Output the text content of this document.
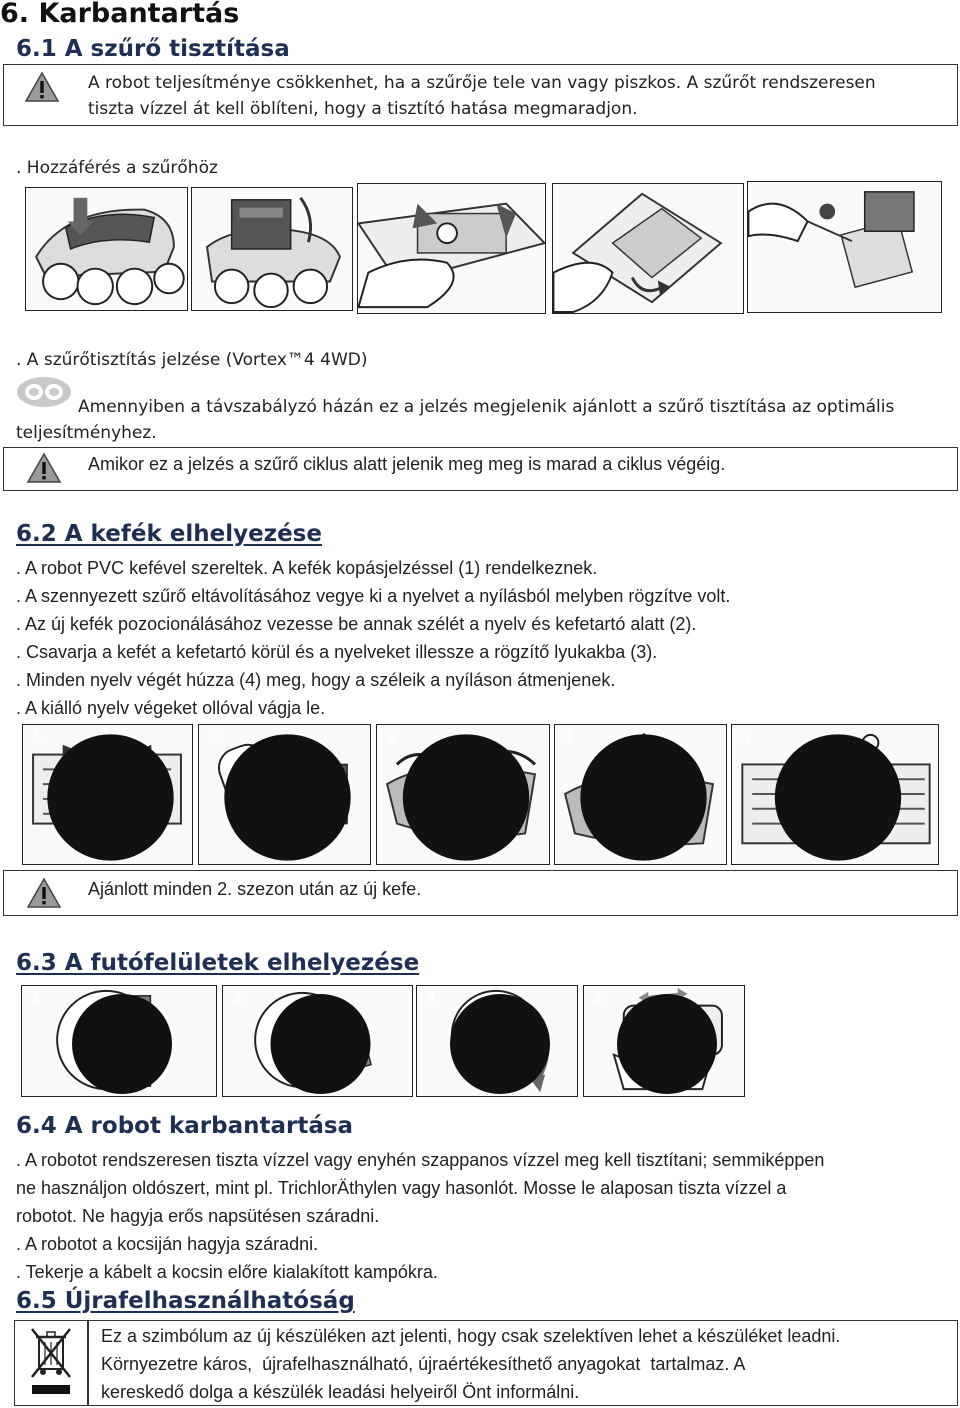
6. Karbantartás
6.1 A szűrő tisztítása
A robot teljesítménye csökkenhet, ha a szűrője tele van vagy piszkos. A szűrőt rendszeresen
tiszta vízzel át kell öblíteni, hogy a tisztító hatása megmaradjon.
. Hozzáférés a szűrőhöz
. A szűrőtisztítás jelzése (Vortex™4 4WD)
Amennyiben a távszabályzó házán ez a jelzés megjelenik ajánlott a szűrő tisztítása az optimális
teljesítményhez.
Amikor ez a jelzés a szűrő ciklus alatt jelenik meg meg is marad a ciklus végéig.
6.2 A kefék elhelyezése
. A robot PVC kefével szereltek. A kefék kopásjelzéssel (1) rendelkeznek.
. A szennyezett szűrő eltávolításához vegye ki a nyelvet a nyílásból melyben rögzítve volt.
. Az új kefék pozocionálásához vezesse be annak szélét a nyelv és kefetartó alatt (2).
. Csavarja a kefét a kefetartó körül és a nyelveket illessze a rögzítő lyukakba (3).
. Minden nyelv végét húzza (4) meg, hogy a széleik a nyíláson átmenjenek.
. A kiálló nyelv végeket ollóval vágja le.
1	2	3	4	5
Ajánlott minden 2. szezon után az új kefe.
6.3 A futófelületek elhelyezése
1	2	3	4
6.4 A robot karbantartása
. A robotot rendszeresen tiszta vízzel vagy enyhén szappanos vízzel meg kell tisztítani; semmiképpen
ne használjon oldószert, mint pl. TrichlorÄthylen vagy hasonlót. Mosse le alaposan tiszta vízzel a
robotot. Ne hagyja erős napsütésen száradni.
. A robotot a kocsiján hagyja száradni.
. Tekerje a kábelt a kocsin előre kialakított kampókra.
6.5 Újrafelhasználhatóság
Ez a szimbólum az új készüléken azt jelenti, hogy csak szelektíven lehet a készüléket leadni.
Környezetre káros,  újrafelhasználható, újraértékesíthető anyagokat  tartalmaz. A
kereskedő dolga a készülék leadási helyeiről Önt informálni.
